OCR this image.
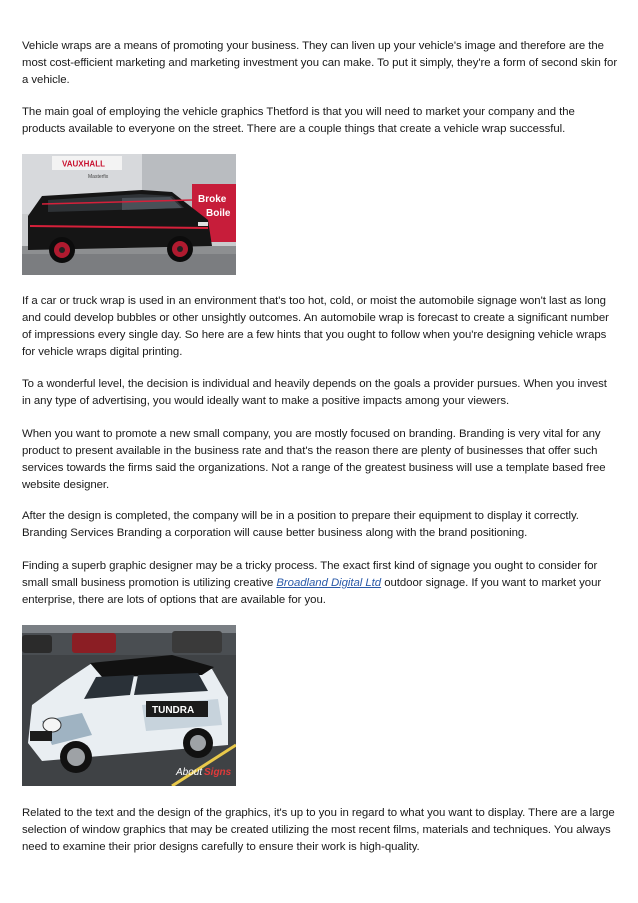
Vehicle wraps are a means of promoting your business. They can liven up your vehicle's image and therefore are the most cost-efficient marketing and marketing investment you can make. To put it simply, they're a form of second skin for a vehicle.

The main goal of employing the vehicle graphics Thetford is that you will need to market your company and the products available to everyone on the street. There are a couple things that create a vehicle wrap successful.

VAUXHALL
Masterfix
Broke
Boile

If a car or truck wrap is used in an environment that's too hot, cold, or moist the automobile signage won't last as long and could develop bubbles or other unsightly outcomes. An automobile wrap is forecast to create a significant number of impressions every single day. So here are a few hints that you ought to follow when you're designing vehicle wraps for vehicle wraps digital printing.

To a wonderful level, the decision is individual and heavily depends on the goals a provider pursues. When you invest in any type of advertising, you would ideally want to make a positive impacts among your viewers.

When you want to promote a new small company, you are mostly focused on branding. Branding is very vital for any product to present available in the business rate and that's the reason there are plenty of businesses that offer such services towards the firms said the organizations. Not a range of the greatest business will use a template based free website designer.

After the design is completed, the company will be in a position to prepare their equipment to display it correctly. Branding Services Branding a corporation will cause better business along with the brand positioning.

Finding a superb graphic designer may be a tricky process. The exact first kind of signage you ought to consider for small small business promotion is utilizing creative Broadland Digital Ltd outdoor signage. If you want to market your enterprise, there are lots of options that are available for you.

TUNDRA
About Signs

Related to the text and the design of the graphics, it's up to you in regard to what you want to display. There are a large selection of window graphics that may be created utilizing the most recent films, materials and techniques. You always need to examine their prior designs carefully to ensure their work is high-quality.
